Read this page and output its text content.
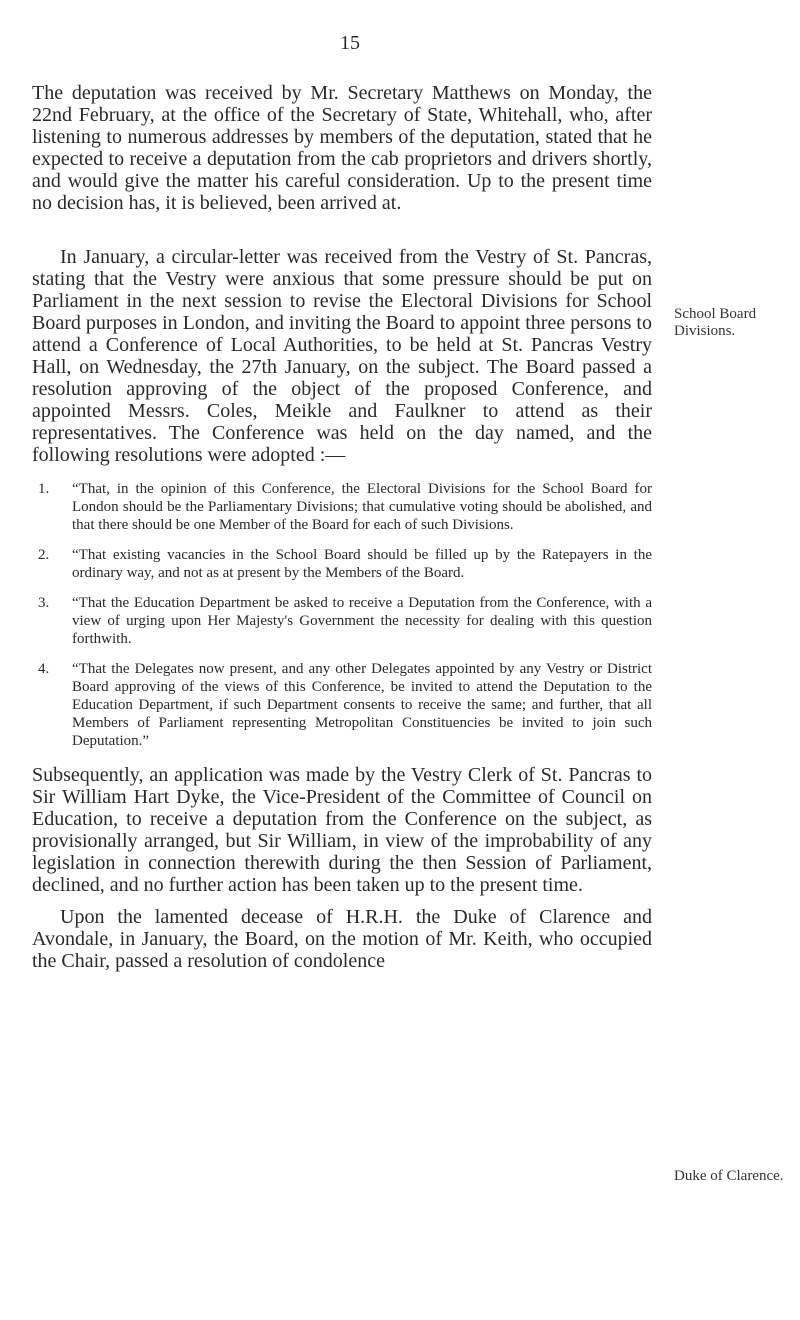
15

The deputation was received by Mr. Secretary Matthews on Monday, the 22nd February, at the office of the Secretary of State, Whitehall, who, after listening to numerous addresses by members of the deputation, stated that he expected to receive a deputation from the cab proprietors and drivers shortly, and would give the matter his careful consideration. Up to the present time no decision has, it is believed, been arrived at.

In January, a circular-letter was received from the Vestry of St. Pancras, stating that the Vestry were anxious that some pressure should be put on Parliament in the next session to revise the Electoral Divisions for School Board purposes in London, and inviting the Board to appoint three persons to attend a Conference of Local Authorities, to be held at St. Pancras Vestry Hall, on Wednesday, the 27th January, on the subject. The Board passed a resolution approving of the object of the proposed Conference, and appointed Messrs. Coles, Meikle and Faulkner to attend as their representatives. The Conference was held on the day named, and the following resolutions were adopted :—

1. “That, in the opinion of this Conference, the Electoral Divisions for the School Board for London should be the Parliamentary Divisions; that cumulative voting should be abolished, and that there should be one Member of the Board for each of such Divisions.
2. “That existing vacancies in the School Board should be filled up by the Ratepayers in the ordinary way, and not as at present by the Members of the Board.
3. “That the Education Department be asked to receive a Deputation from the Conference, with a view of urging upon Her Majesty's Government the necessity for dealing with this question forthwith.
4. “That the Delegates now present, and any other Delegates appointed by any Vestry or District Board approving of the views of this Conference, be invited to attend the Deputation to the Education Department, if such Department consents to receive the same; and further, that all Members of Parliament representing Metropolitan Constituencies be invited to join such Deputation.”

Subsequently, an application was made by the Vestry Clerk of St. Pancras to Sir William Hart Dyke, the Vice-President of the Committee of Council on Education, to receive a deputation from the Conference on the subject, as provisionally arranged, but Sir William, in view of the improbability of any legislation in connection therewith during the then Session of Parliament, declined, and no further action has been taken up to the present time.

Upon the lamented decease of H.R.H. the Duke of Clarence and Avondale, in January, the Board, on the motion of Mr. Keith, who occupied the Chair, passed a resolution of condolence

School Board Divisions.
Duke of Clarence.
